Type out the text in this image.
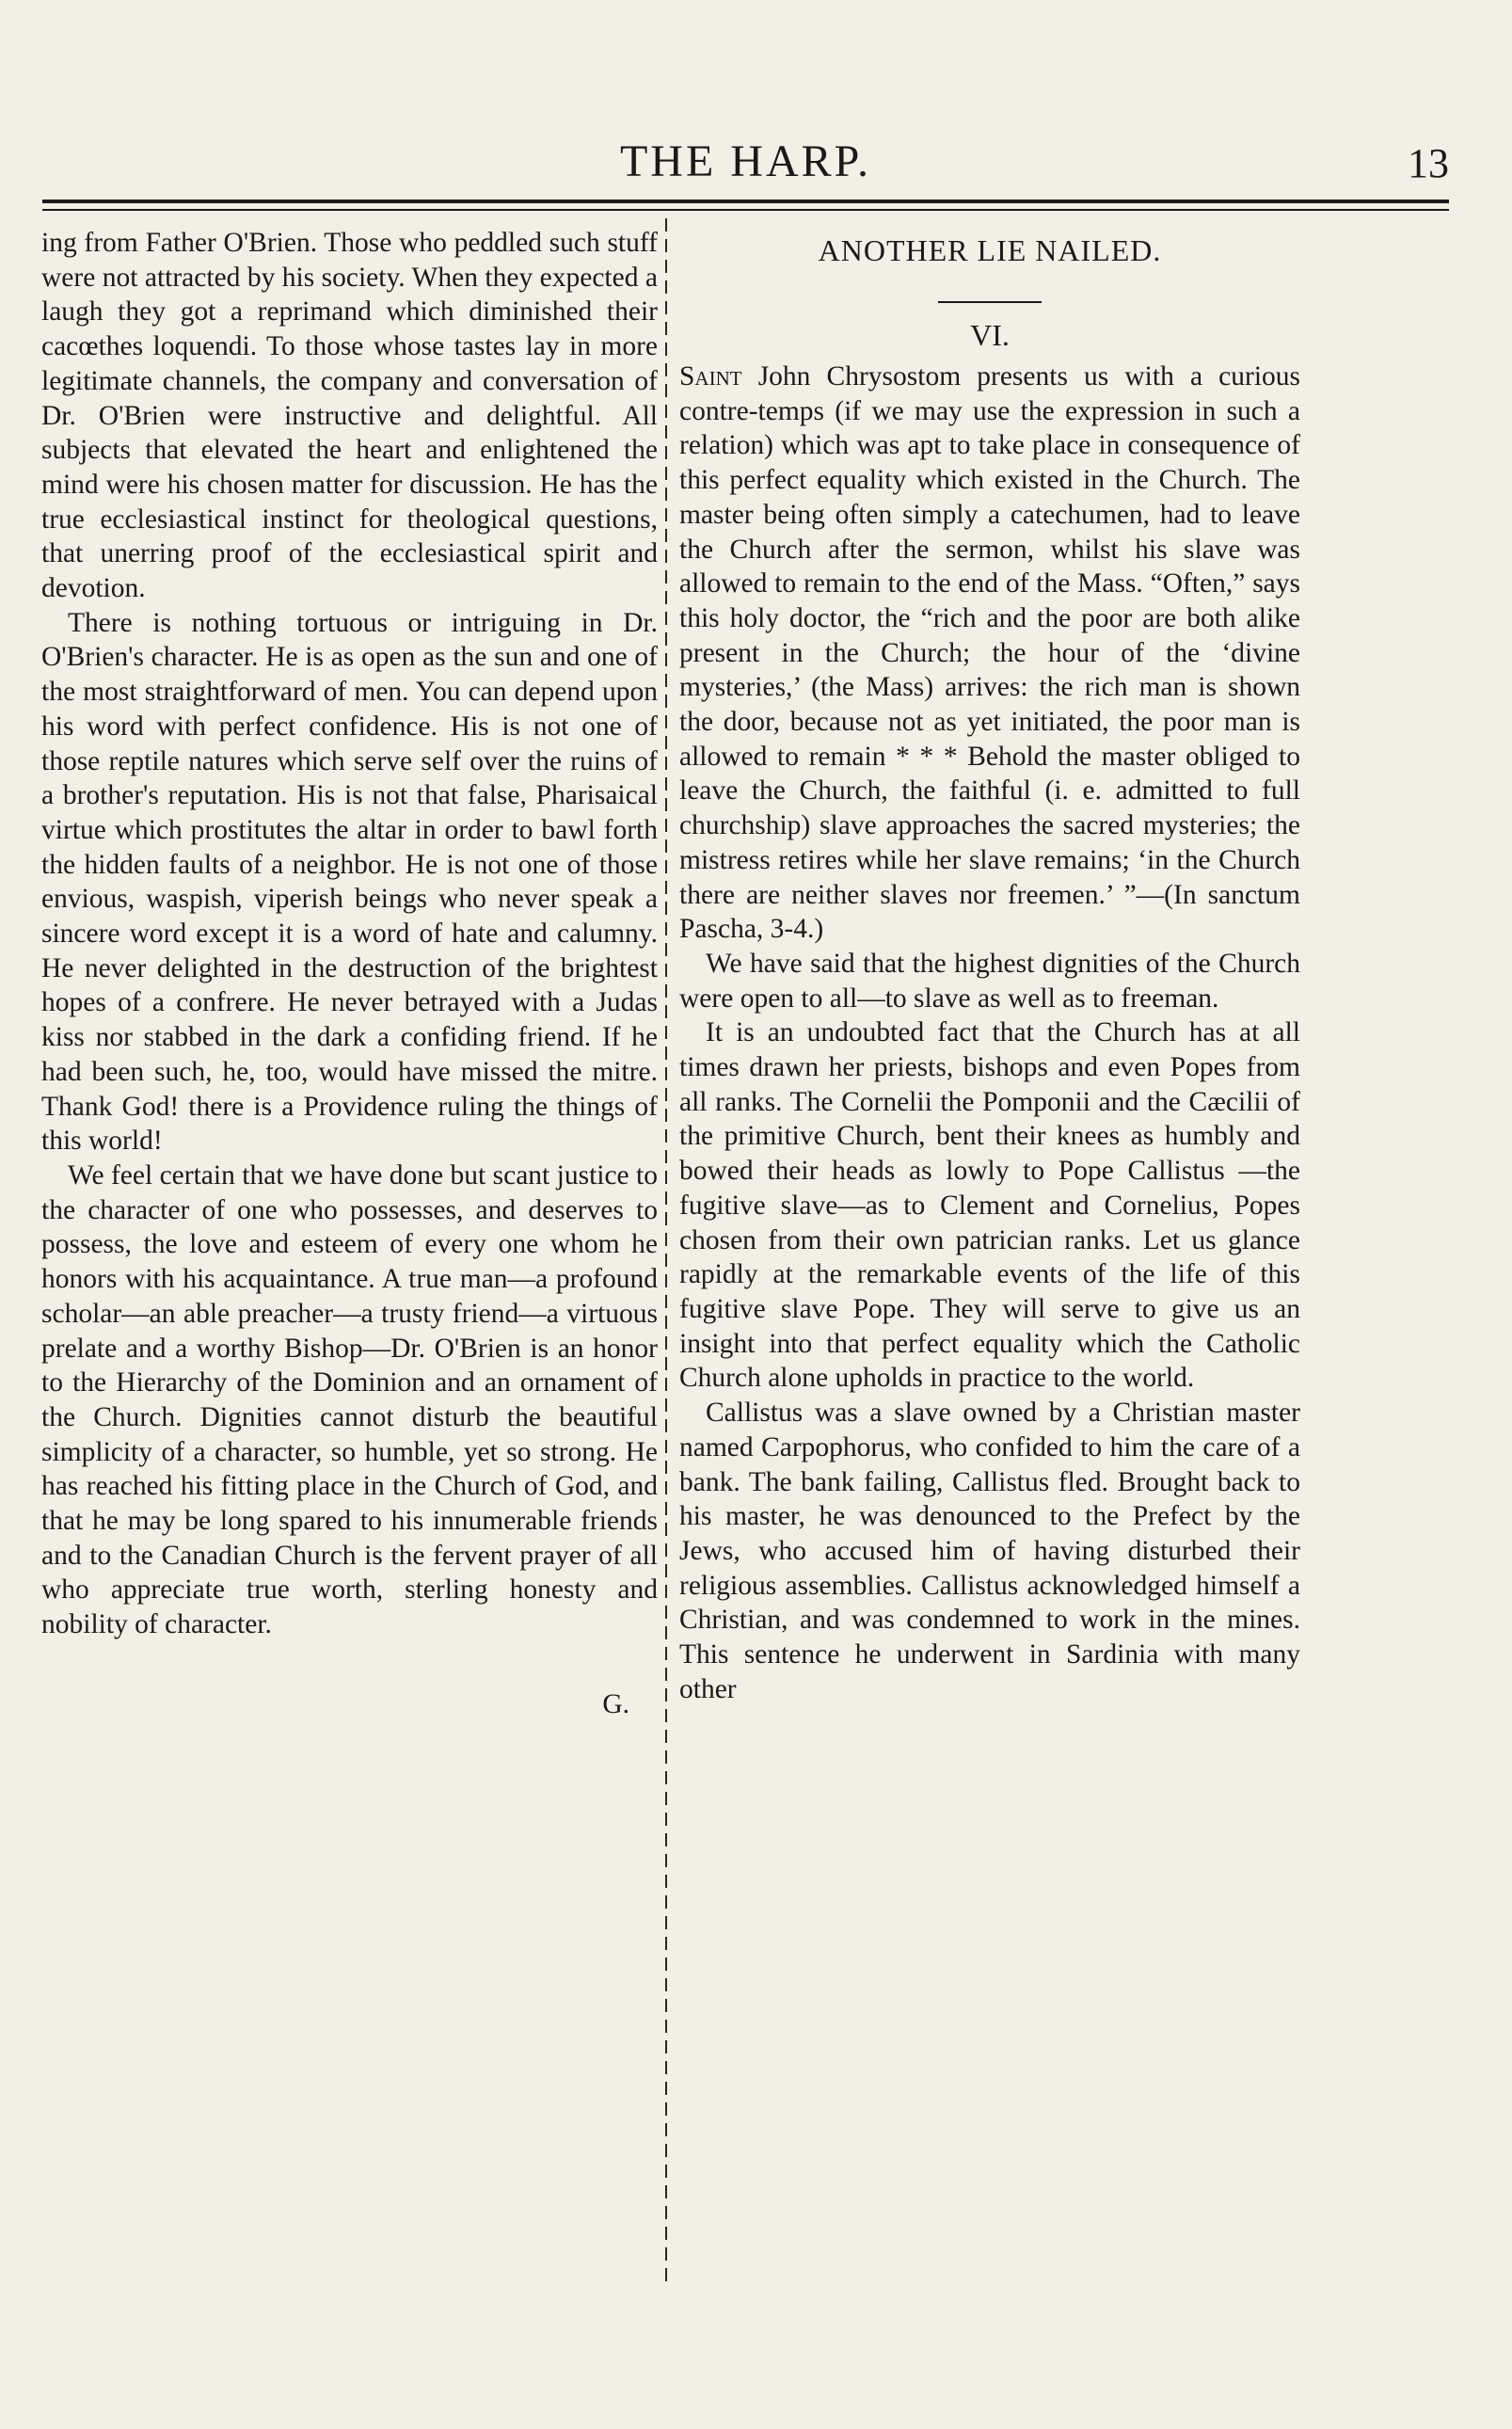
THE HARP.	13

ing from Father O'Brien. Those who peddled such stuff were not attracted by his society. When they expected a laugh they got a reprimand which diminished their cacœthes loquendi. To those whose tastes lay in more legitimate channels, the company and conversation of Dr. O'Brien were instructive and delightful. All subjects that elevated the heart and enlightened the mind were his chosen matter for discussion. He has the true ecclesiastical instinct for theological questions, that unerring proof of the ecclesiastical spirit and devotion.

There is nothing tortuous or intriguing in Dr. O'Brien's character. He is as open as the sun and one of the most straightforward of men. You can depend upon his word with perfect confidence. His is not one of those reptile natures which serve self over the ruins of a brother's reputation. His is not that false, Pharisaical virtue which prostitutes the altar in order to bawl forth the hidden faults of a neighbor. He is not one of those envious, waspish, viperish beings who never speak a sincere word except it is a word of hate and calumny. He never delighted in the destruction of the brightest hopes of a confrere. He never betrayed with a Judas kiss nor stabbed in the dark a confiding friend. If he had been such, he, too, would have missed the mitre. Thank God! there is a Providence ruling the things of this world!

We feel certain that we have done but scant justice to the character of one who possesses, and deserves to possess, the love and esteem of every one whom he honors with his acquaintance. A true man—a profound scholar—an able preacher—a trusty friend—a virtuous prelate and a worthy Bishop—Dr. O'Brien is an honor to the Hierarchy of the Dominion and an ornament of the Church. Dignities cannot disturb the beautiful simplicity of a character, so humble, yet so strong. He has reached his fitting place in the Church of God, and that he may be long spared to his innumerable friends and to the Canadian Church is the fervent prayer of all who appreciate true worth, sterling honesty and nobility of character.

G.
ANOTHER LIE NAILED.
VI.

Saint John Chrysostom presents us with a curious contre-temps (if we may use the expression in such a relation) which was apt to take place in consequence of this perfect equality which existed in the Church. The master being often simply a catechumen, had to leave the Church after the sermon, whilst his slave was allowed to remain to the end of the Mass. “Often,” says this holy doctor, the “rich and the poor are both alike present in the Church; the hour of the ‘divine mysteries,’ (the Mass) arrives: the rich man is shown the door, because not as yet initiated, the poor man is allowed to remain * * * Behold the master obliged to leave the Church, the faithful (i. e. admitted to full churchship) slave approaches the sacred mysteries; the mistress retires while her slave remains; ‘in the Church there are neither slaves nor freemen.’ ”—(In sanctum Pascha, 3-4.)

We have said that the highest dignities of the Church were open to all—to slave as well as to freeman.

It is an undoubted fact that the Church has at all times drawn her priests, bishops and even Popes from all ranks. The Cornelii the Pomponii and the Cæcilii of the primitive Church, bent their knees as humbly and bowed their heads as lowly to Pope Callistus —the fugitive slave—as to Clement and Cornelius, Popes chosen from their own patrician ranks. Let us glance rapidly at the remarkable events of the life of this fugitive slave Pope. They will serve to give us an insight into that perfect equality which the Catholic Church alone upholds in practice to the world.

Callistus was a slave owned by a Christian master named Carpophorus, who confided to him the care of a bank. The bank failing, Callistus fled. Brought back to his master, he was denounced to the Prefect by the Jews, who accused him of having disturbed their religious assemblies. Callistus acknowledged himself a Christian, and was condemned to work in the mines. This sentence he underwent in Sardinia with many other
